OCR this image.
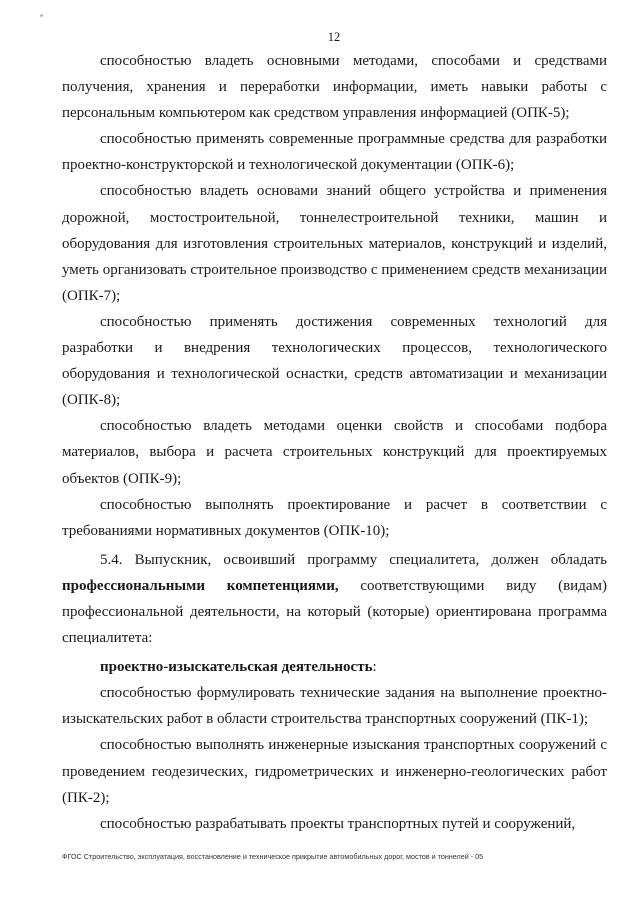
12

способностью владеть основными методами, способами и средствами получения, хранения и переработки информации, иметь навыки работы с персональным компьютером как средством управления информацией (ОПК-5);

способностью применять современные программные средства для разработки проектно-конструкторской и технологической документации (ОПК-6);

способностью владеть основами знаний общего устройства и применения дорожной, мостостроительной, тоннелестроительной техники, машин и оборудования для изготовления строительных материалов, конструкций и изделий, уметь организовать строительное производство с применением средств механизации (ОПК-7);

способностью применять достижения современных технологий для разработки и внедрения технологических процессов, технологического оборудования и технологической оснастки, средств автоматизации и механизации (ОПК-8);

способностью владеть методами оценки свойств и способами подбора материалов, выбора и расчета строительных конструкций для проектируемых объектов (ОПК-9);

способностью выполнять проектирование и расчет в соответствии с требованиями нормативных документов (ОПК-10);

5.4. Выпускник, освоивший программу специалитета, должен обладать профессиональными компетенциями, соответствующими виду (видам) профессиональной деятельности, на который (которые) ориентирована программа специалитета:

проектно-изыскательская деятельность:

способностью формулировать технические задания на выполнение проектно-изыскательских работ в области строительства транспортных сооружений (ПК-1);

способностью выполнять инженерные изыскания транспортных сооружений с проведением геодезических, гидрометрических и инженерно-геологических работ (ПК-2);

способностью разрабатывать проекты транспортных путей и сооружений,

ФГОС Строительство, эксплуатация, восстановление и техническое прикрытие автомобильных дорог, мостов и тоннелей - 05
